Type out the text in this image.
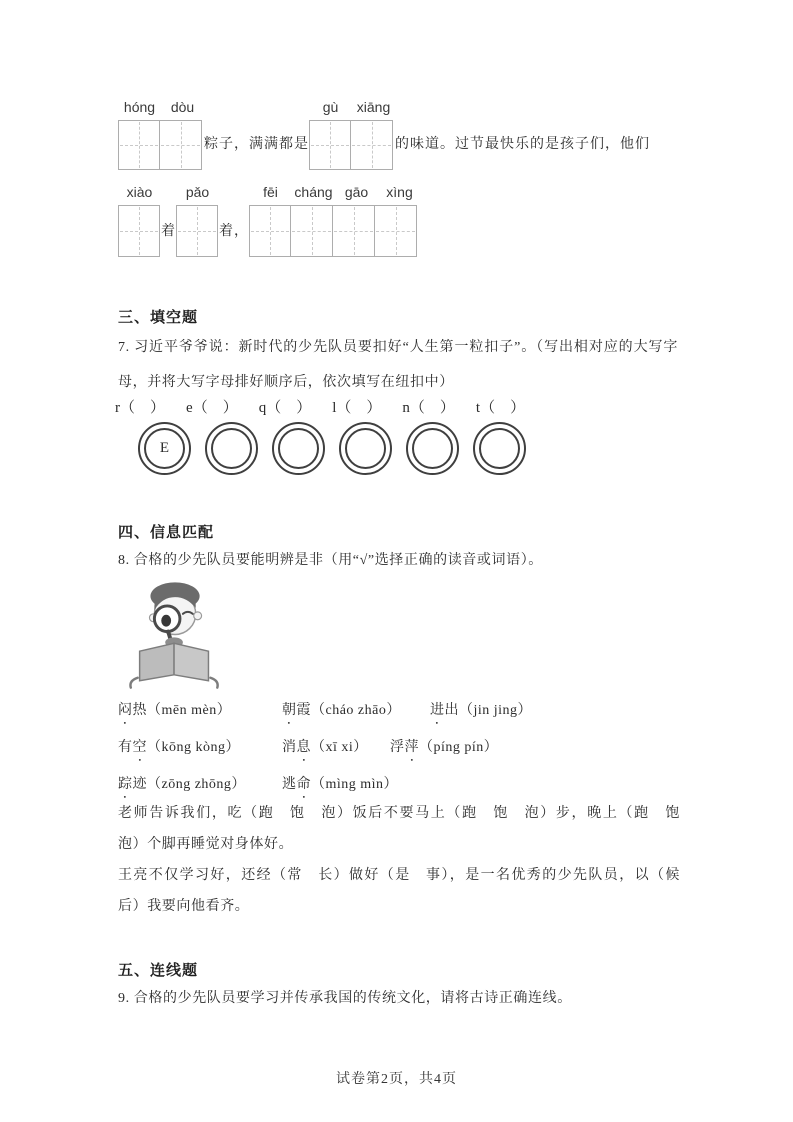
hóng	dòu
粽子，满满都是
gù	xiāng
的味道。过节最快乐的是孩子们，他们
xiào
着
pǎo
着，
fēi	cháng gāo	xìng
三、填空题
7. 习近平爷爷说：新时代的少先队员要扣好“人生第一粒扣子”。（写出相对应的大写字母，并将大写字母排好顺序后，依次填写在纽扣中）
r（　） e（　） q（　） l（　） n（　） t（　）
E
四、信息匹配
8. 合格的少先队员要能明辨是非（用“√”选择正确的读音或词语）。
闷热（mēn mèn）	朝霞（cháo zhāo）	进出（jin jing）
有空（kōng kòng）	消息（xī xi）	浮萍（píng pín）
踪迹（zōng zhōng）	逃命（mìng mìn）
老师告诉我们，吃（跑　饱　泡）饭后不要马上（跑　饱　泡）步，晚上（跑　饱　泡）个脚再睡觉对身体好。
王亮不仅学习好，还经（常　长）做好（是　事），是一名优秀的少先队员，以（候　后）我要向他看齐。
五、连线题
9. 合格的少先队员要学习并传承我国的传统文化，请将古诗正确连线。
试卷第2页，共4页
